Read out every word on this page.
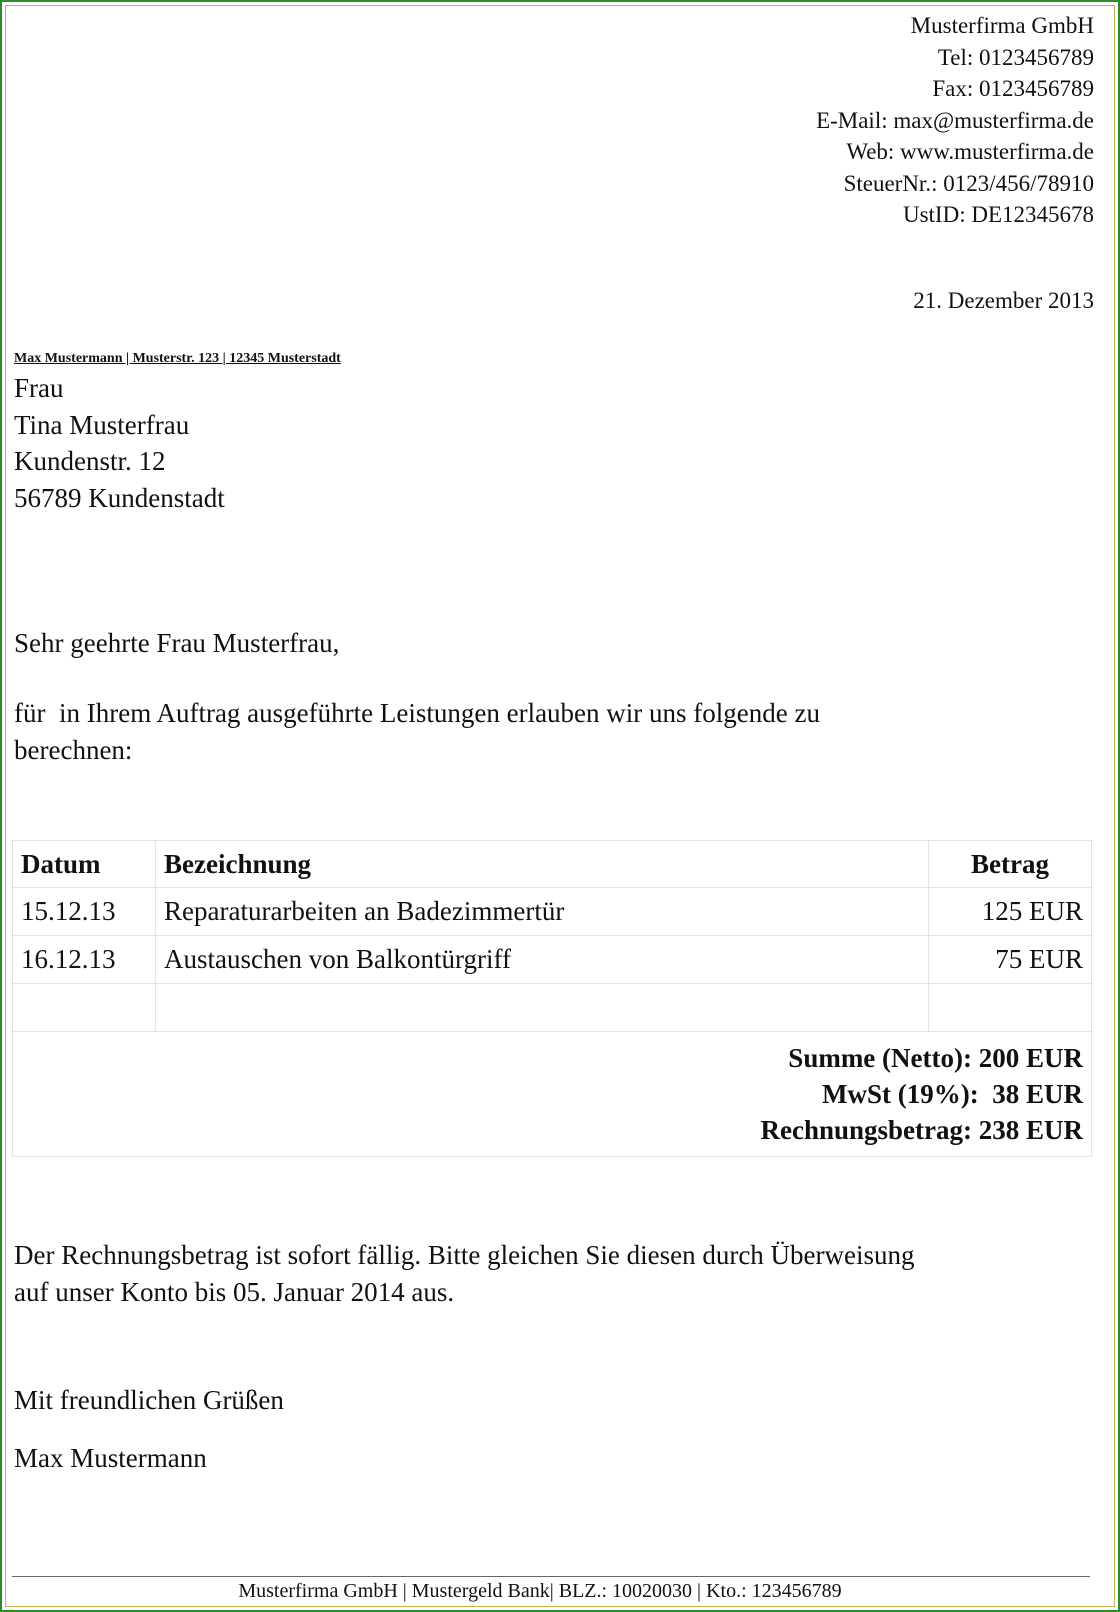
Musterfirma GmbH
Tel: 0123456789
Fax: 0123456789
E-Mail: max@musterfirma.de
Web: www.musterfirma.de
SteuerNr.: 0123/456/78910
UstID: DE12345678
21. Dezember 2013
Max Mustermann | Musterstr. 123 | 12345 Musterstadt
Frau
Tina Musterfrau
Kundenstr. 12
56789 Kundenstadt
Sehr geehrte Frau Musterfrau,
für  in Ihrem Auftrag ausgeführte Leistungen erlauben wir uns folgende zu
berechnen:
Datum	Bezeichnung	Betrag
15.12.13	Reparaturarbeiten an Badezimmertür	125 EUR
16.12.13	Austauschen von Balkontürgriff	75 EUR

Summe (Netto): 200 EUR
MwSt (19%):  38 EUR
Rechnungsbetrag: 238 EUR		
Der Rechnungsbetrag ist sofort fällig. Bitte gleichen Sie diesen durch Überweisung
auf unser Konto bis 05. Januar 2014 aus.
Mit freundlichen Grüßen
Max Mustermann
Musterfirma GmbH | Mustergeld Bank| BLZ.: 10020030 | Kto.: 123456789
